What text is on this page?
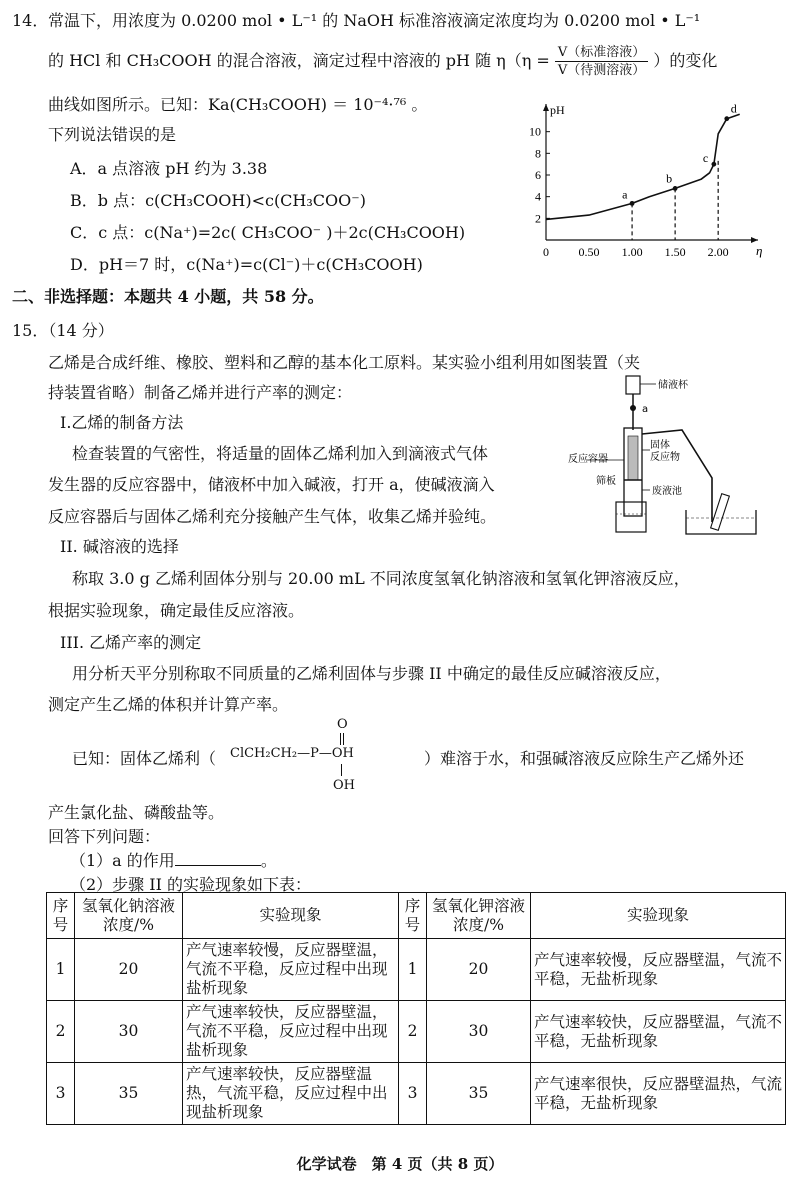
14． 常温下，用浓度为 0.0200 mol • L⁻¹ 的 NaOH 标准溶液滴定浓度均为 0.0200 mol • L⁻¹
的 HCl 和 CH₃COOH 的混合溶液，滴定过程中溶液的 pH 随 $\eta(\eta = \frac{\text{V（标准溶液）}}{\text{V（待测溶液）}}$ ）的变化
曲线如图所示。已知：Ka(CH₃COOH) ＝ 10⁻⁴·⁷⁶ 。
下列说法错误的是
A．a 点溶液 pH 约为 3.38
B．b 点：c(CH₃COOH)<c(CH₃COO⁻)
C．c 点：c(Na⁺)=2c( CH₃COO⁻ )＋2c(CH₃COOH)
D．pH＝7 时，c(Na⁺)=c(Cl⁻)＋c(CH₃COOH)
pH
η
2
4
6
8
10
0 0.50 1.00 1.50 2.00
a
b
c
d
二、非选择题：本题共 4 小题，共 58 分。
15．（14 分）
乙烯是合成纤维、橡胶、塑料和乙醇的基本化工原料。某实验小组利用如图装置（夹
持装置省略）制备乙烯并进行产率的测定：
I.乙烯的制备方法
检查装置的气密性，将适量的固体乙烯利加入到滴液式气体
发生器的反应容器中，储液杯中加入碱液，打开 a，使碱液滴入
反应容器后与固体乙烯利充分接触产生气体，收集乙烯并验纯。
储液杯
a
反应容器
筛板
固体
反应物
废液池
II. 碱溶液的选择
称取 3.0 g 乙烯利固体分别与 20.00 mL 不同浓度氢氧化钠溶液和氢氧化钾溶液反应，
根据实验现象，确定最佳反应溶液。
III. 乙烯产率的测定
用分析天平分别称取不同质量的乙烯利固体与步骤 II 中确定的最佳反应碱溶液反应，
测定产生乙烯的体积并计算产率。
已知：固体乙烯利（ ClCH₂CH₂—P—OH
O
OH
）难溶于水，和强碱溶液反应除生产乙烯外还
产生氯化盐、磷酸盐等。
回答下列问题：
（1）a 的作用	。
（2）步骤 II 的实验现象如下表：
序号	氢氧化钠溶液浓度/%	实验现象	序号	氢氧化钾溶液浓度/%	实验现象
1	20	产气速率较慢，反应器壁温，气流不平稳，反应过程中出现盐析现象	1	20	产气速率较慢，反应器壁温，气流不平稳，无盐析现象
2	30	产气速率较快，反应器壁温，气流不平稳，反应过程中出现盐析现象	2	30	产气速率较快，反应器壁温，气流不平稳，无盐析现象
3	35	产气速率较快，反应器壁温热，气流平稳，反应过程中出现盐析现象	3	35	产气速率很快，反应器壁温热，气流平稳，无盐析现象
化学试卷　第 4 页（共 8 页）
